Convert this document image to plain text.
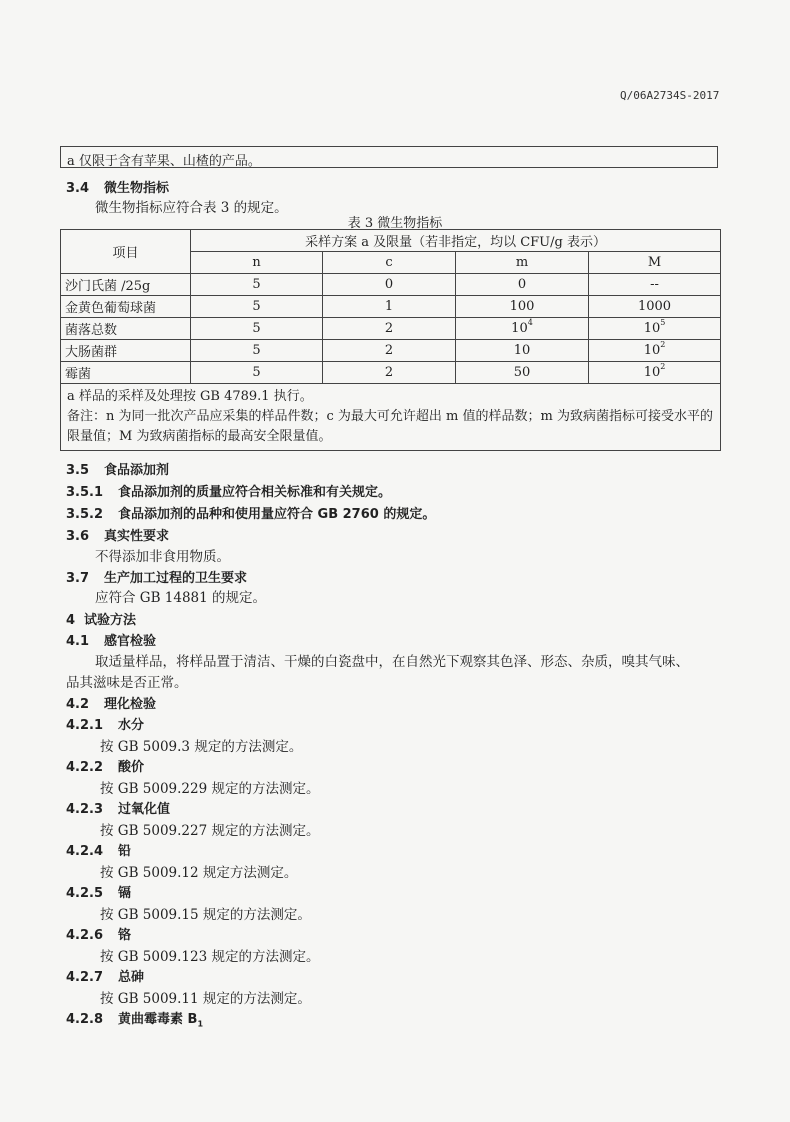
Q/06A2734S-2017
a 仅限于含有苹果、山楂的产品。
3.4 微生物指标
微生物指标应符合表 3 的规定。
表 3 微生物指标
项目	采样方案 a 及限量（若非指定，均以 CFU/g 表示）			
	n	c	m	M
沙门氏菌 /25g	5	0	0	--
金黄色葡萄球菌	5	1	100	1000
菌落总数	5	2	$10^4$	$10^5$
大肠菌群	5	2	10	$10^2$
霉菌	5	2	50	$10^2$

a 样品的采样及处理按 GB 4789.1 执行。
备注：n 为同一批次产品应采集的样品件数；c 为最大可允许超出 m 值的样品数；m 为致病菌指标可接受水平的限量值；M 为致病菌指标的最高安全限量值。				
3.5 食品添加剂
3.5.1 食品添加剂的质量应符合相关标准和有关规定。
3.5.2 食品添加剂的品种和使用量应符合 GB 2760 的规定。
3.6 真实性要求
不得添加非食用物质。
3.7 生产加工过程的卫生要求
应符合 GB 14881 的规定。
4 试验方法
4.1 感官检验
取适量样品，将样品置于清洁、干燥的白瓷盘中，在自然光下观察其色泽、形态、杂质，嗅其气味、
品其滋味是否正常。
4.2 理化检验
4.2.1 水分
按 GB 5009.3 规定的方法测定。
4.2.2 酸价
按 GB 5009.229 规定的方法测定。
4.2.3 过氧化值
按 GB 5009.227 规定的方法测定。
4.2.4 铅
按 GB 5009.12 规定方法测定。
4.2.5 镉
按 GB 5009.15 规定的方法测定。
4.2.6 铬
按 GB 5009.123 规定的方法测定。
4.2.7 总砷
按 GB 5009.11 规定的方法测定。
4.2.8 黄曲霉毒素 $B_1$
